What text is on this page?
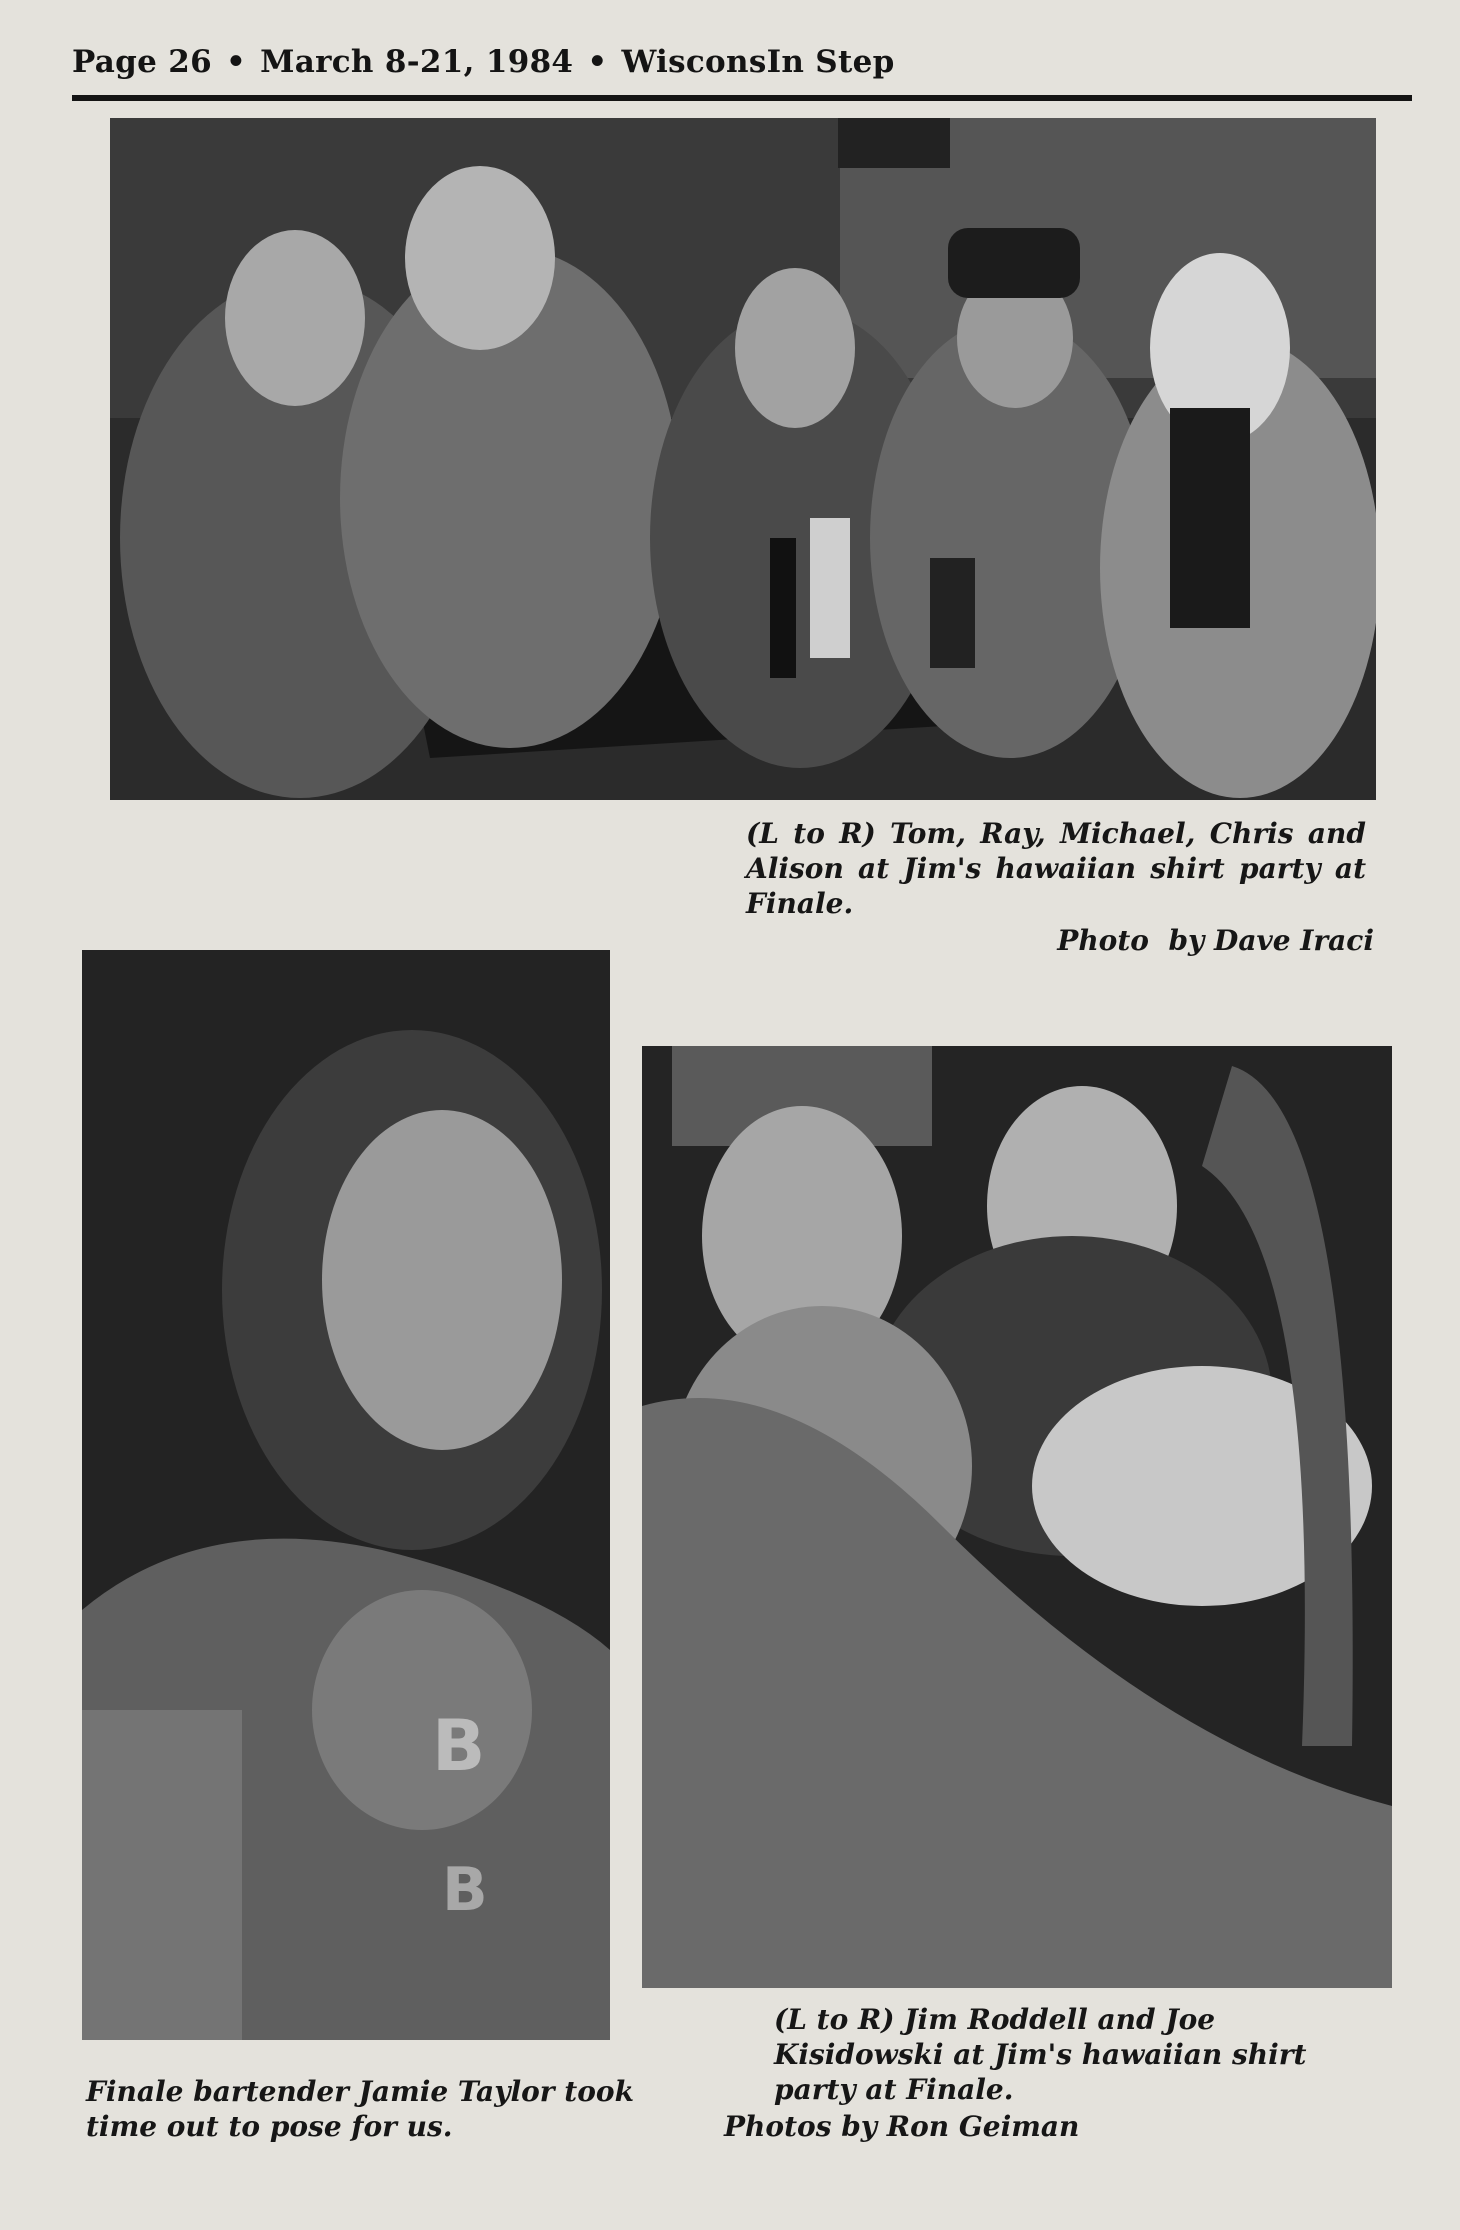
Page 26 • March 8-21, 1984 • WisconsIn Step
(L to R) Tom, Ray, Michael, Chris and Alison at Jim's hawaiian shirt party at Finale.
Photo  by Dave Iraci
B
B
Finale bartender Jamie Taylor took time out to pose for us.
(L to R) Jim Roddell and Joe Kisidowski at Jim's hawaiian shirt party at Finale.
Photos by Ron Geiman
